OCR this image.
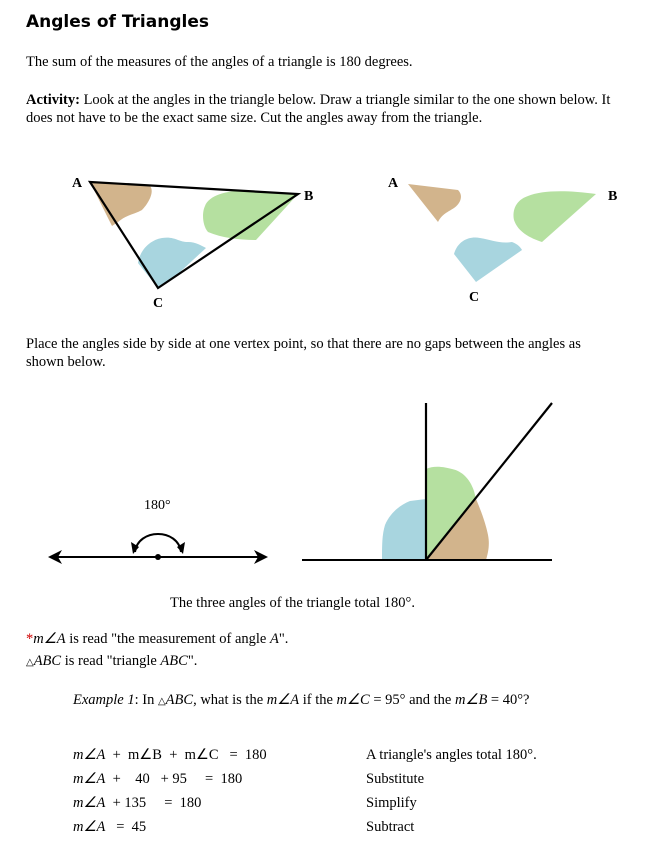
Angles of Triangles
The sum of the measures of the angles of a triangle is 180 degrees.
Activity: Look at the angles in the triangle below. Draw a triangle similar to the one shown below. It does not have to be the exact same size. Cut the angles away from the triangle.
A
B
C
A
B
C
Place the angles side by side at one vertex point, so that there are no gaps between the angles as shown below.
180°
The three angles of the triangle total 180°.
*m∠A is read "the measurement of angle A".
△ABC is read "triangle ABC".
Example 1: In △ABC, what is the m∠A if the m∠C = 95° and the m∠B = 40°?
m∠A  +  m∠B  +  m∠C   =  180	A triangle's angles total 180°.
m∠A  +    40   + 95     =  180	Substitute
m∠A  + 135     =  180	Simplify
m∠A   =  45	Subtract
